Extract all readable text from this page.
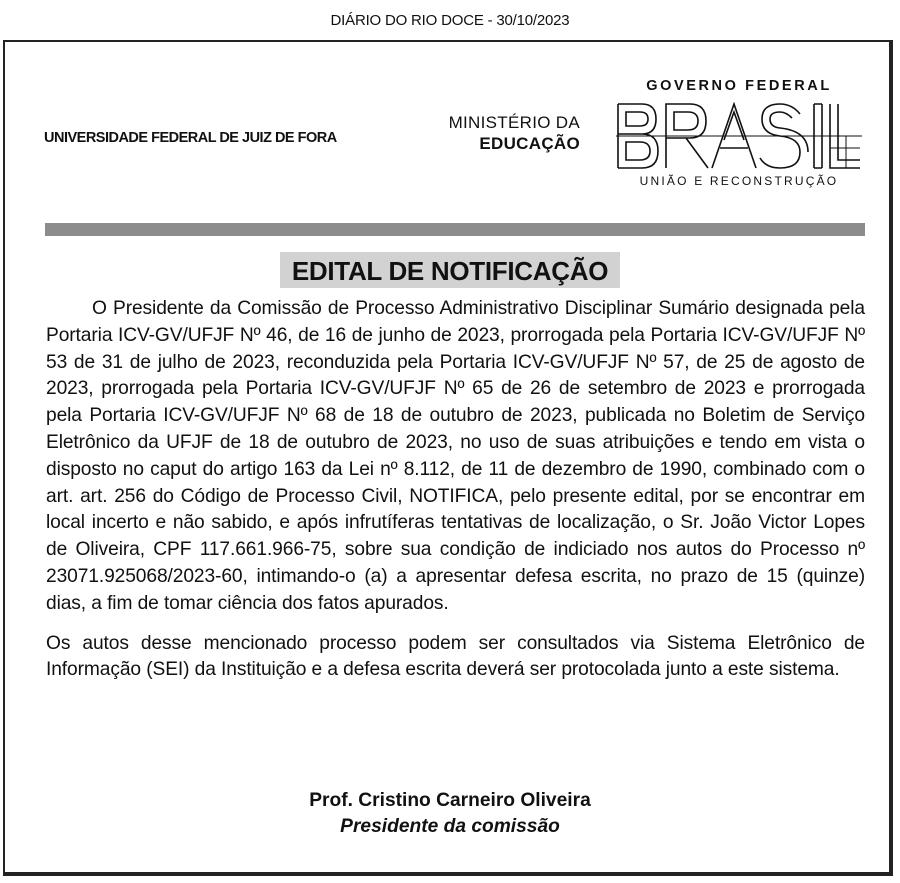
DIÁRIO DO RIO DOCE - 30/10/2023
UNIVERSIDADE FEDERAL DE JUIZ DE FORA
MINISTÉRIO DA
EDUCAÇÃO
GOVERNO FEDERAL
UNIÃO E RECONSTRUÇÃO
EDITAL DE NOTIFICAÇÃO

O Presidente da Comissão de Processo Administrativo Disciplinar Sumário designada pela Portaria ICV-GV/UFJF Nº 46, de 16 de junho de 2023, prorrogada pela Portaria ICV-GV/UFJF Nº 53 de 31 de julho de 2023, reconduzida pela Portaria ICV-GV/UFJF Nº 57, de 25 de agosto de 2023, prorrogada pela Portaria ICV-GV/UFJF Nº 65 de 26 de setembro de 2023 e prorrogada pela Portaria ICV-GV/UFJF Nº 68 de 18 de outubro de 2023, publicada no Boletim de Serviço Eletrônico da UFJF de 18 de outubro de 2023, no uso de suas atribuições e tendo em vista o disposto no caput do artigo 163 da Lei nº 8.112, de 11 de dezembro de 1990, combinado com o art. art. 256 do Código de Processo Civil, NOTIFICA, pelo presente edital, por se encontrar em local incerto e não sabido, e após infrutíferas tentativas de localização, o Sr. João Victor Lopes de Oliveira, CPF 117.661.966-75, sobre sua condição de indiciado nos autos do Processo nº 23071.925068/2023-60, intimando-o (a) a apresentar defesa escrita, no prazo de 15 (quinze) dias, a fim de tomar ciência dos fatos apurados.

Os autos desse mencionado processo podem ser consultados via Sistema Eletrônico de Informação (SEI) da Instituição e a defesa escrita deverá ser protocolada junto a este sistema.

Prof. Cristino Carneiro Oliveira
Presidente da comissão
